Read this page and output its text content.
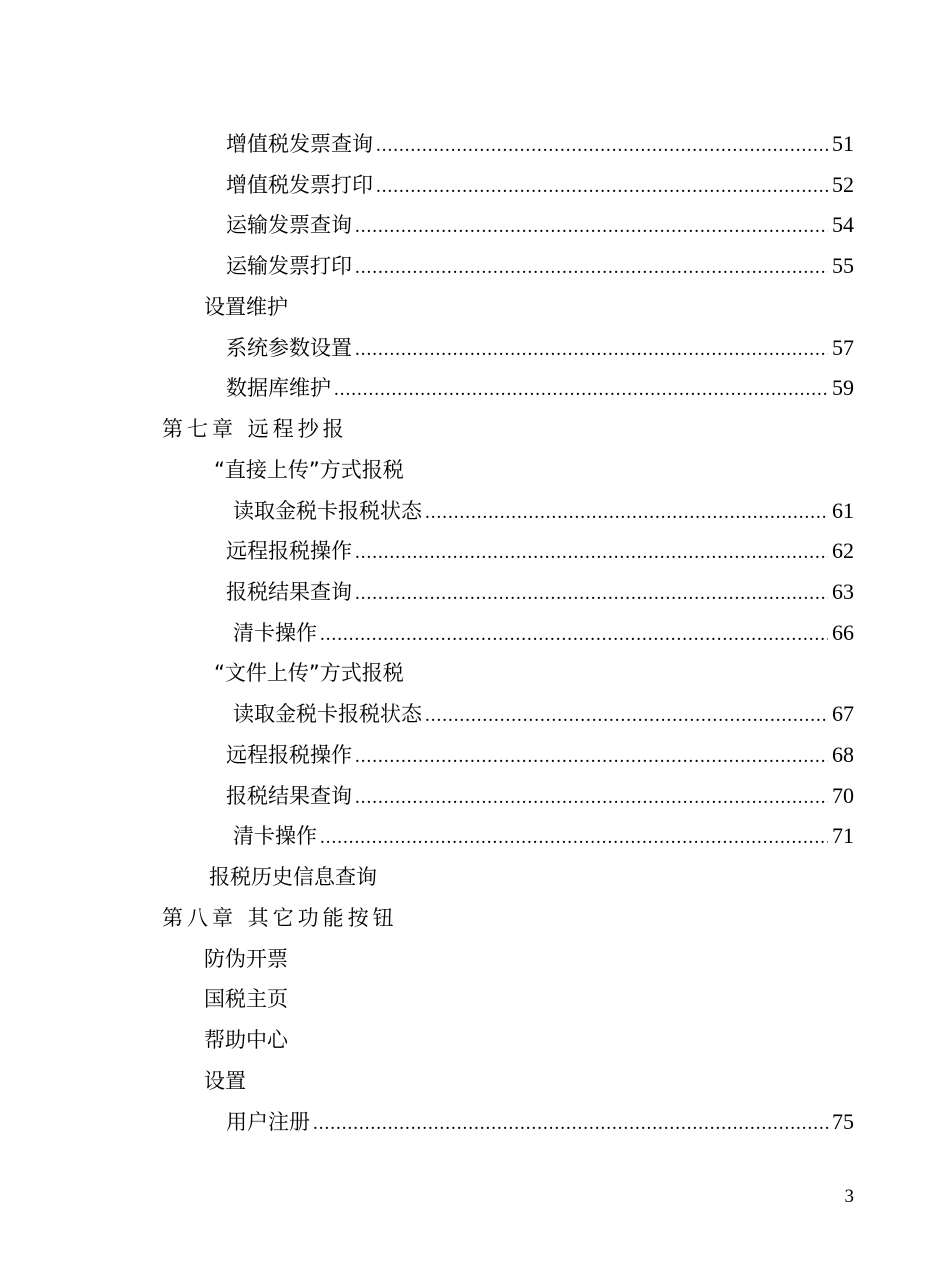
增值税发票查询 .....	51
增值税发票打印 .....	52
运输发票查询 .....	54
运输发票打印 .....	55
设置维护
系统参数设置 .....	57
数据库维护 .....	59
第七章 远程抄报
“直接上传”方式报税
读取金税卡报税状态 .....	61
远程报税操作 .....	62
报税结果查询 .....	63
清卡操作 .....	66
“文件上传”方式报税
读取金税卡报税状态 .....	67
远程报税操作 .....	68
报税结果查询 .....	70
清卡操作 .....	71
报税历史信息查询
第八章 其它功能按钮
防伪开票
国税主页
帮助中心
设置
用户注册 .....	75
3
